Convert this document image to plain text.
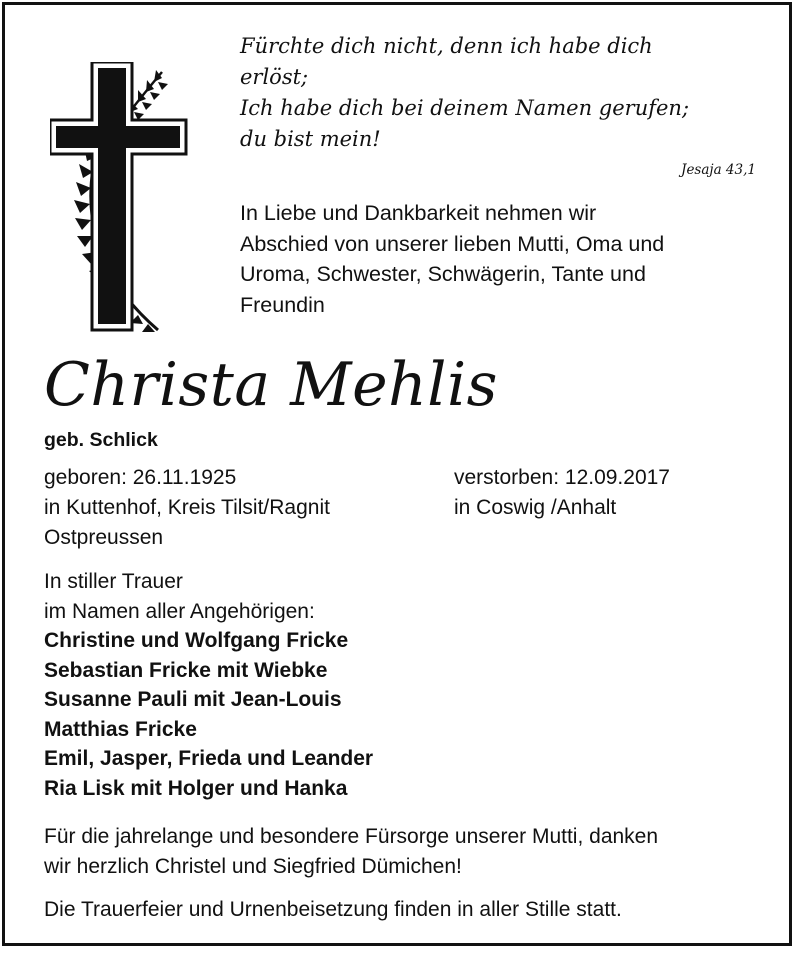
Fürchte dich nicht, denn ich habe dich
erlöst;
Ich habe dich bei deinem Namen gerufen;
du bist mein!
Jesaja 43,1
In Liebe und Dankbarkeit nehmen wir
Abschied von unserer lieben Mutti, Oma und
Uroma, Schwester, Schwägerin, Tante und
Freundin
Christa Mehlis
geb. Schlick
geboren: 26.11.1925
in Kuttenhof, Kreis Tilsit/Ragnit
Ostpreussen
verstorben: 12.09.2017
in Coswig /Anhalt
In stiller Trauer
im Namen aller Angehörigen:
Christine und Wolfgang Fricke
Sebastian Fricke mit Wiebke
Susanne Pauli mit Jean-Louis
Matthias Fricke
Emil, Jasper, Frieda und Leander
Ria Lisk mit Holger und Hanka
Für die jahrelange und besondere Fürsorge unserer Mutti, danken
wir herzlich Christel und Siegfried Dümichen!
Die Trauerfeier und Urnenbeisetzung finden in aller Stille statt.
